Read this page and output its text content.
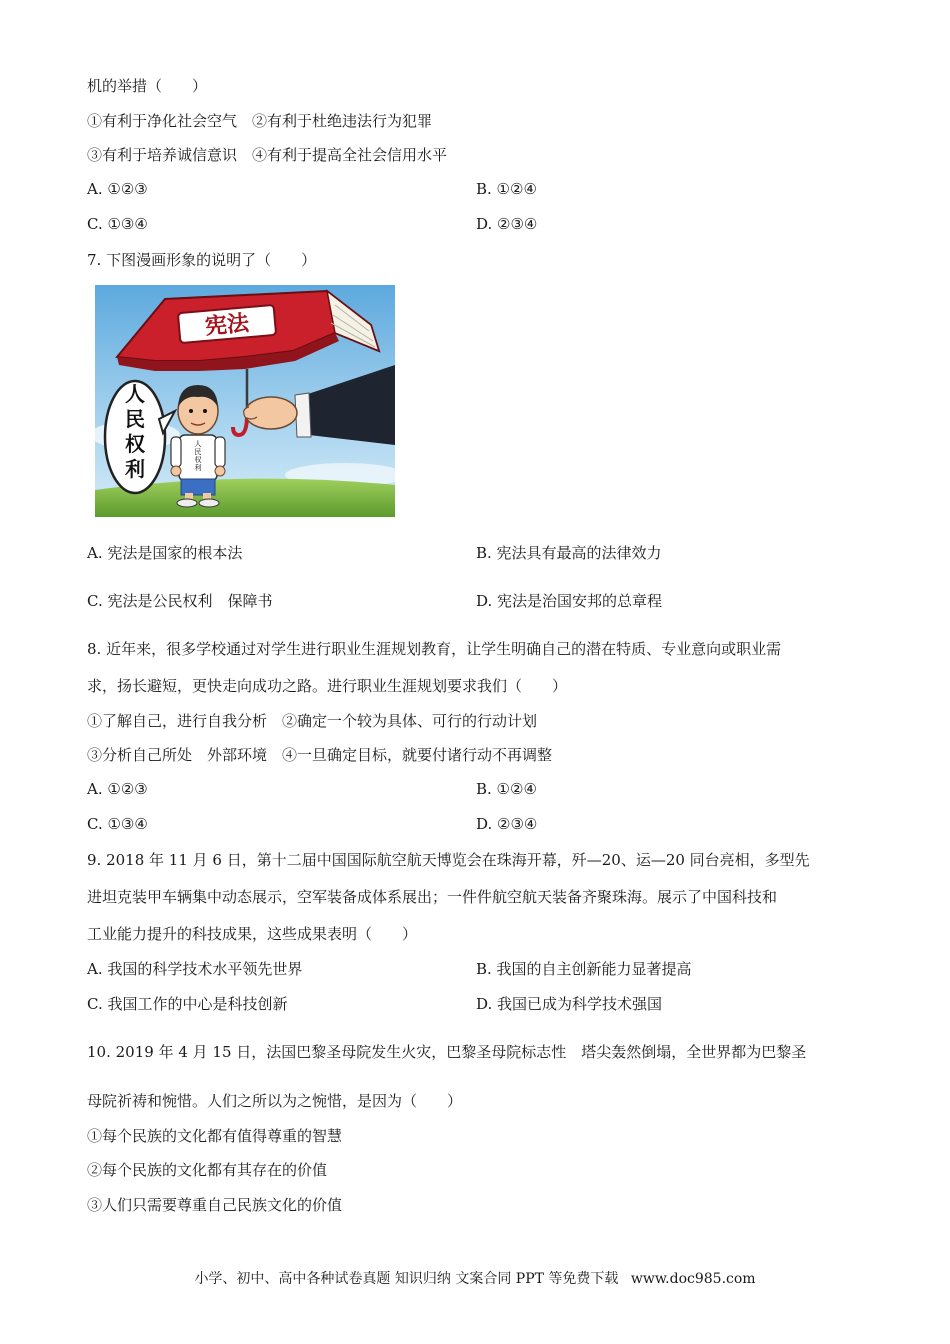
机的举措（　　）
①有利于净化社会空气　②有利于杜绝违法行为犯罪
③有利于培养诚信意识　④有利于提高全社会信用水平
A. ①②③	B. ①②④
C. ①③④	D. ②③④
7. 下图漫画形象的说明了（　　）
宪法
人
民
权
利
人
民
权
利
A. 宪法是国家的根本法	B. 宪法具有最高的法律效力
C. 宪法是公民权利　保障书	D. 宪法是治国安邦的总章程
8. 近年来，很多学校通过对学生进行职业生涯规划教育，让学生明确自己的潜在特质、专业意向或职业需
求，扬长避短，更快走向成功之路。进行职业生涯规划要求我们（　　）
①了解自己，进行自我分析　②确定一个较为具体、可行的行动计划
③分析自己所处　外部环境　④一旦确定目标，就要付诸行动不再调整
A. ①②③	B. ①②④
C. ①③④	D. ②③④
9. 2018 年 11 月 6 日，第十二届中国国际航空航天博览会在珠海开幕，歼—20、运—20 同台亮相，多型先
进坦克装甲车辆集中动态展示，空军装备成体系展出；一件件航空航天装备齐聚珠海。展示了中国科技和
工业能力提升的科技成果，这些成果表明（　　）
A. 我国的科学技术水平领先世界	B. 我国的自主创新能力显著提高
C. 我国工作的中心是科技创新	D. 我国已成为科学技术强国
10. 2019 年 4 月 15 日，法国巴黎圣母院发生火灾，巴黎圣母院标志性　塔尖轰然倒塌，全世界都为巴黎圣
母院祈祷和惋惜。人们之所以为之惋惜，是因为（　　）
①每个民族的文化都有值得尊重的智慧
②每个民族的文化都有其存在的价值
③人们只需要尊重自己民族文化的价值
小学、初中、高中各种试卷真题 知识归纳 文案合同 PPT 等免费下载 www.doc985.com
